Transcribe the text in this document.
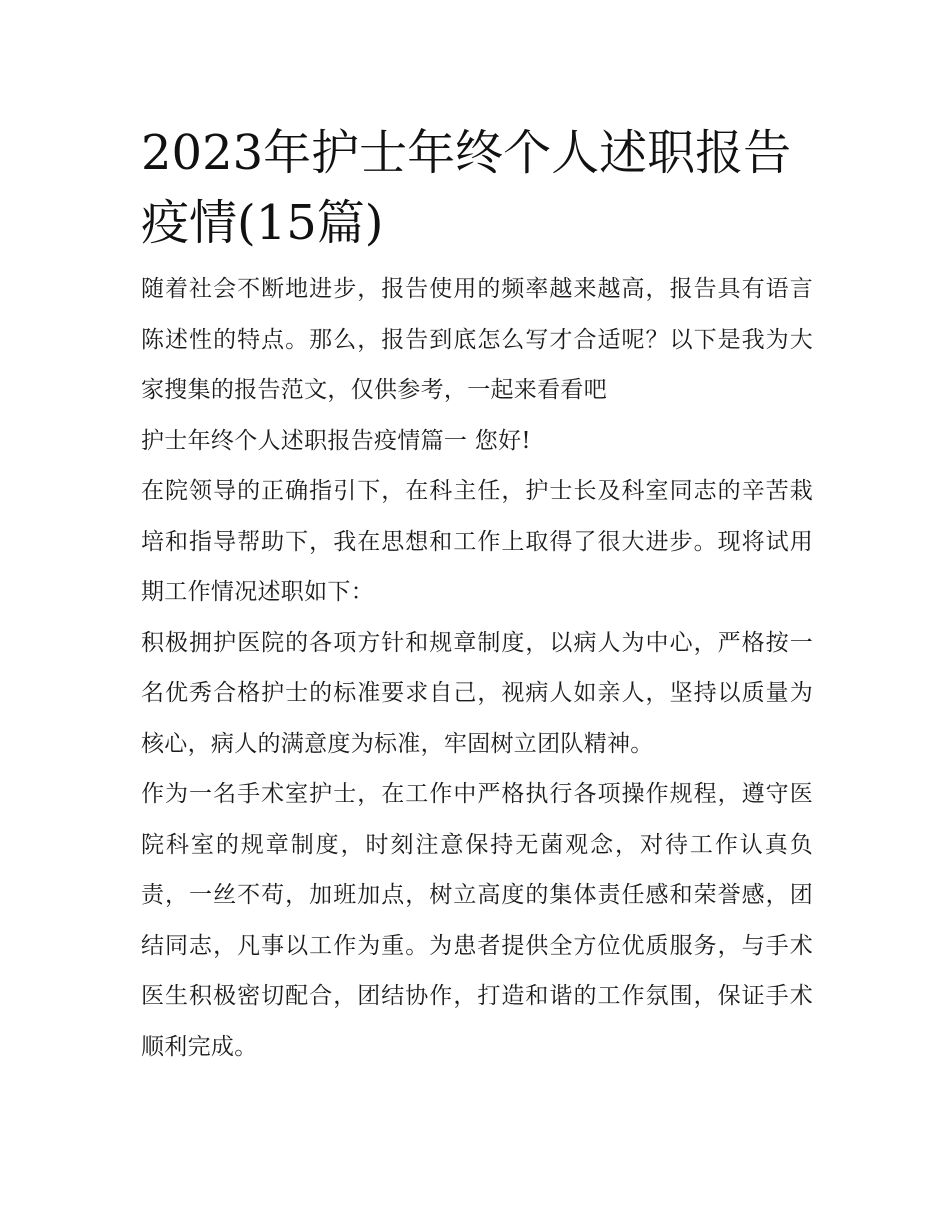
2023年护士年终个人述职报告疫情(15篇)

随着社会不断地进步，报告使用的频率越来越高，报告具有语言陈述性的特点。那么，报告到底怎么写才合适呢？以下是我为大家搜集的报告范文，仅供参考，一起来看看吧

护士年终个人述职报告疫情篇一 您好!

在院领导的正确指引下，在科主任，护士长及科室同志的辛苦栽培和指导帮助下，我在思想和工作上取得了很大进步。现将试用期工作情况述职如下：

积极拥护医院的各项方针和规章制度，以病人为中心，严格按一名优秀合格护士的标准要求自己，视病人如亲人，坚持以质量为核心，病人的满意度为标准，牢固树立团队精神。

作为一名手术室护士，在工作中严格执行各项操作规程，遵守医院科室的规章制度，时刻注意保持无菌观念，对待工作认真负责，一丝不苟，加班加点，树立高度的集体责任感和荣誉感，团结同志，凡事以工作为重。为患者提供全方位优质服务，与手术医生积极密切配合，团结协作，打造和谐的工作氛围，保证手术顺利完成。
